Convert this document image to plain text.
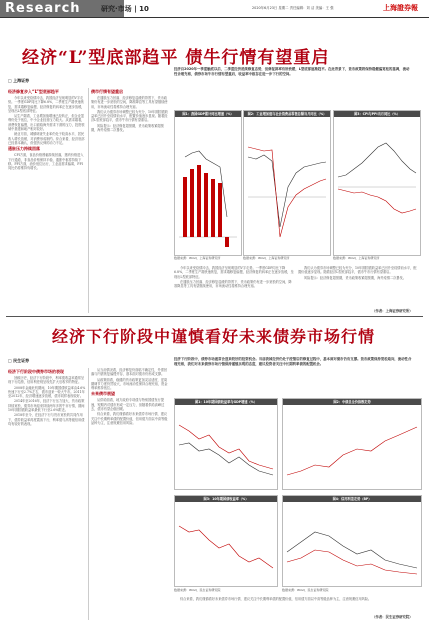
Research	研究·市场 | 10	2020年6月23日 星期二 责任编辑：刘 洁 美编：王 强	上海證券報
经济“L”型底部趋平 债牛行情有望重启
□ 上海证券
经济修复步入“L”型底部趋平

今年以来受疫情冲击，我国经济呈现明显的V字走势。一季度GDP同比下降6.8%，二季度生产端快速恢复，需求端修复偏慢，经济修复的斜率正在逐步放缓，呈现出L型底部特征。

从生产端看，工业增加值增速已经转正，但企业盈利仍处于低位，中小企业经营压力较大。从需求端看，消费恢复偏慢，出口面临海外需求下滑的压力，投资领域中基建和地产相对较好。

就业方面，城镇调查失业率仍处于较高水平，居民收入增长放缓，对消费形成制约。综合来看，经济底部已经基本确认，但强劲反弹的动力不足。

通胀压力持续回落

CPI方面，食品价格涨幅持续回落，猪肉价格进入下行通道，非食品价格保持平稳，通胀中枢将持续下移。PPI方面，油价低位运行，工业品需求偏弱，PPI同比仍将维持负增长。

债市行情有望重启

在通胀压力回落、经济修复趋缓的背景下，货币政策仍有进一步宽松的空间，降准降息等工具有望继续使用，市场流动性将维持合理充裕。

我们认为债券市场调整已较为充分，10年期国债收益率已回升至疫情前水平，配置价值逐步显现。随着经济L型底部趋平，债市牛市行情有望重启。

风险提示：经济修复超预期，货币政策收紧超预期，海外疫情二次暴发。

经济自2020年一季度触底以后，二季度经济延续修复态势，但修复斜率有所放缓，L型底部逐渐趋平。在此背景下，货币政策将保持稳健偏宽松的基调，流动性合理充裕，债券市场牛市行情有望重启，收益率中枢存在进一步下行的空间。
图1：我国GDP累计同比增速（%）	图2：工业增加值与社会消费品零售总额当月同比（%）	图3：CPI与PPI当月同比（%）
数据来源：Wind，上海证券研究所	数据来源：Wind，上海证券研究所	数据来源：Wind，上海证券研究所

今年以来受疫情冲击，我国经济呈现明显的V字走势。一季度GDP同比下降6.8%，二季度生产端快速恢复，需求端修复偏慢，经济修复的斜率正在逐步放缓，呈现出L型底部特征。

在通胀压力回落、经济修复趋缓的背景下，货币政策仍有进一步宽松的空间，降准降息等工具有望继续使用，市场流动性将维持合理充裕。

我们认为债券市场调整已较为充分，10年期国债收益率已回升至疫情前水平，配置价值逐步显现。随着经济L型底部趋平，债市牛市行情有望重启。

风险提示：经济修复超预期，货币政策收紧超预期，海外疫情二次暴发。

（作者：上海证券研究所）
经济下行阶段中谨慎看好未来债券市场行情
□ 民生证券
经济下行阶段中债券市场的表现

回顾历史，经济下行阶段中，利率债收益率通常呈现下行趋势，信用利差则呈现先扩大后收窄的特征。

2008年金融危机期间，10年期国债收益率由4.6%快速下行至2.7%左右，债市迎来一轮大牛市。2011年至2012年，经济增速逐步放缓，债市同样表现较好。

2014年至2016年，经济下行压力加大，货币政策持续宽松，债券市场迎来持续两年多的牛市行情，期间10年期国债收益率最低下行至2.6%附近。

2018年至今，在经济下行与货币宽松的共同作用下，债券收益率再度震荡下行，利率债与高等级信用债均有较好的表现。

从当前情况看，经济修复仍面临不确定性，外需回落与内需恢复偏慢并存，基本面对债市仍形成支撑。

从政策面看，稳健的货币政策更加灵活适度，逆周期调节力度仍然较大，市场流动性保持合理充裕，资金利率维持低位。

未来债市展望

从供给面看，地方政府专项债与特别国债发行提速，短期内对债市形成一定压力，但随着供给高峰过去，债市有望企稳回暖。

综合来看，我们谨慎看好未来债券市场行情，建议关注中长期利率债的配置价值，信用债方面以中高等级品种为主，注意规避信用风险。

经济下行阶段中，债券市场通常会迎来较好的投资机会。当前我国经济仍处于疫情后的修复过程中，基本面对债市仍有支撑。货币政策保持宽松取向，流动性合理充裕，我们对未来债券市场行情保持谨慎乐观的态度，建议投资者关注中长期利率债的配置机会。
图1：10年期国债收益率与GDP增速（%）	图2：中债总全价指数走势
图3：10年期国债收益率（%）	图4：信用利差走势（BP）
数据来源：Wind，民生证券研究院	数据来源：Wind，民生证券研究院

综合来看，我们谨慎看好未来债券市场行情，建议关注中长期利率债的配置价值，信用债方面以中高等级品种为主，注意规避信用风险。

（作者：民生证券研究院）
